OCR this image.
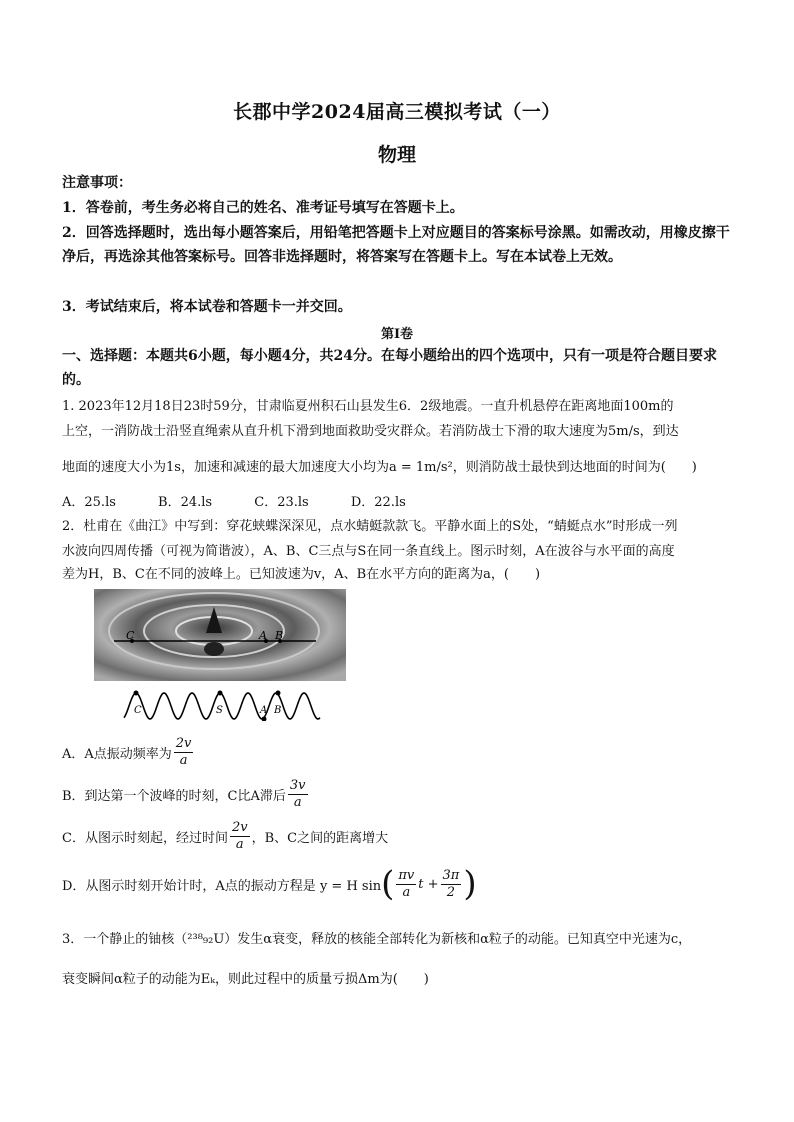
长郡中学2024届高三模拟考试（一）
物理
注意事项：
1．答卷前，考生务必将自己的姓名、准考证号填写在答题卡上。
2．回答选择题时，选出每小题答案后，用铅笔把答题卡上对应题目的答案标号涂黑。如需改动，用橡皮擦干净后，再选涂其他答案标号。回答非选择题时，将答案写在答题卡上。写在本试卷上无效。
3．考试结束后，将本试卷和答题卡一并交回。
第Ⅰ卷
一、选择题：本题共6小题，每小题4分，共24分。在每小题给出的四个选项中，只有一项是符合题目要求的。
1. 2023年12月18日23时59分，甘肃临夏州积石山县发生6．2级地震。一直升机悬停在距离地面100m的
上空，一消防战士沿竖直绳索从直升机下滑到地面救助受灾群众。若消防战士下滑的取大速度为5m/s，到达
地面的速度大小为1s，加速和减速的最大加速度大小均为a = 1m/s²，则消防战士最快到达地面的时间为(　　)
A．25.ls	B．24.ls	C．23.ls	D．22.ls
2．杜甫在《曲江》中写到：穿花蛱蝶深深见，点水蜻蜓款款飞。平静水面上的S处，“蜻蜓点水”时形成一列
水波向四周传播（可视为简谐波），A、B、C三点与S在同一条直线上。图示时刻，A在波谷与水平面的高度
差为H，B、C在不同的波峰上。已知波速为v，A、B在水平方向的距离为a，(　　)
C	A B
C	S	A B
A．A点振动频率为 $\frac{2v}{a}$
B．到达第一个波峰的时刻，C比A滞后 $\frac{3v}{a}$
C．从图示时刻起，经过时间 $\frac{2v}{a}$ ，B、C之间的距离增大
D．从图示时刻开始计时，A点的振动方程是 y = H sin ( $\frac{\pi v}{a}$ $t + \frac{3\pi}{2}$ )
3．一个静止的铀核（²³⁸₉₂U）发生α衰变，释放的核能全部转化为新核和α粒子的动能。已知真空中光速为c，
衰变瞬间α粒子的动能为Eₖ，则此过程中的质量亏损Δm为(　　)
